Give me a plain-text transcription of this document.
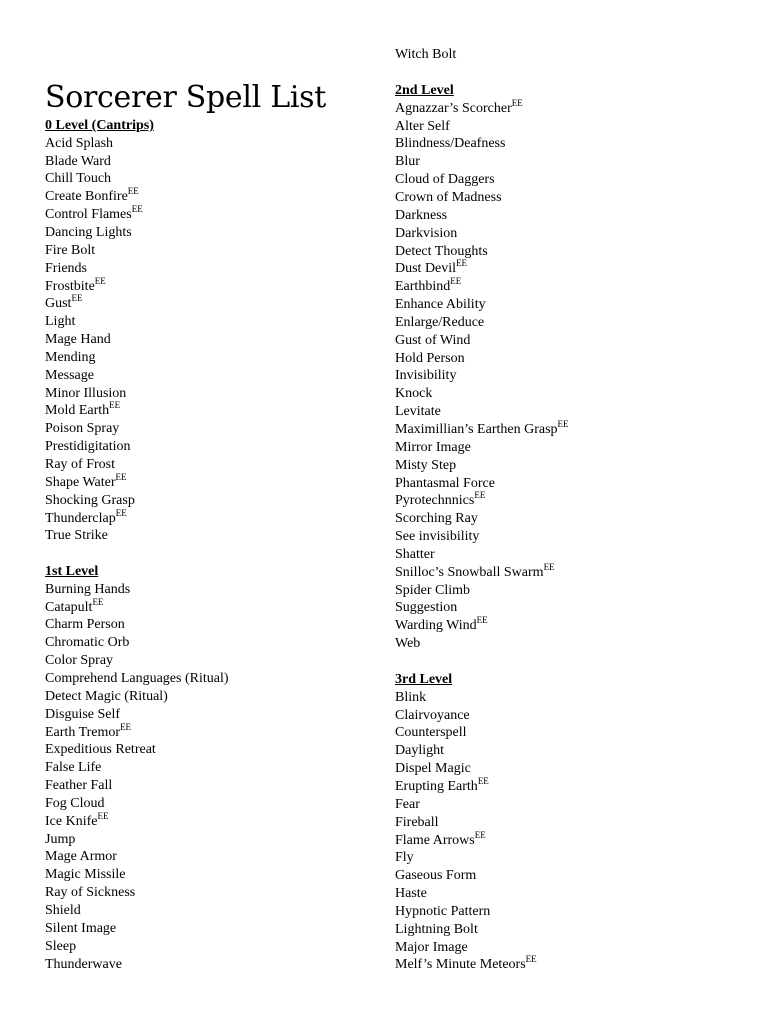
Sorcerer Spell List
0 Level (Cantrips)
Acid Splash
Blade Ward
Chill Touch
Create Bonfire$^{EE}$
Control Flames$^{EE}$
Dancing Lights
Fire Bolt
Friends
Frostbite$^{EE}$
Gust$^{EE}$
Light
Mage Hand
Mending
Message
Minor Illusion
Mold Earth$^{EE}$
Poison Spray
Prestidigitation
Ray of Frost
Shape Water$^{EE}$
Shocking Grasp
Thunderclap$^{EE}$
True Strike
1st Level
Burning Hands
Catapult$^{EE}$
Charm Person
Chromatic Orb
Color Spray
Comprehend Languages (Ritual)
Detect Magic (Ritual)
Disguise Self
Earth Tremor$^{EE}$
Expeditious Retreat
False Life
Feather Fall
Fog Cloud
Ice Knife$^{EE}$
Jump
Mage Armor
Magic Missile
Ray of Sickness
Shield
Silent Image
Sleep
Thunderwave
Witch Bolt
2nd Level
Agnazzar’s Scorcher$^{EE}$
Alter Self
Blindness/Deafness
Blur
Cloud of Daggers
Crown of Madness
Darkness
Darkvision
Detect Thoughts
Dust Devil$^{EE}$
Earthbind$^{EE}$
Enhance Ability
Enlarge/Reduce
Gust of Wind
Hold Person
Invisibility
Knock
Levitate
Maximillian’s Earthen Grasp$^{EE}$
Mirror Image
Misty Step
Phantasmal Force
Pyrotechnnics$^{EE}$
Scorching Ray
See invisibility
Shatter
Snilloc’s Snowball Swarm$^{EE}$
Spider Climb
Suggestion
Warding Wind$^{EE}$
Web
3rd Level
Blink
Clairvoyance
Counterspell
Daylight
Dispel Magic
Erupting Earth$^{EE}$
Fear
Fireball
Flame Arrows$^{EE}$
Fly
Gaseous Form
Haste
Hypnotic Pattern
Lightning Bolt
Major Image
Melf’s Minute Meteors$^{EE}$
